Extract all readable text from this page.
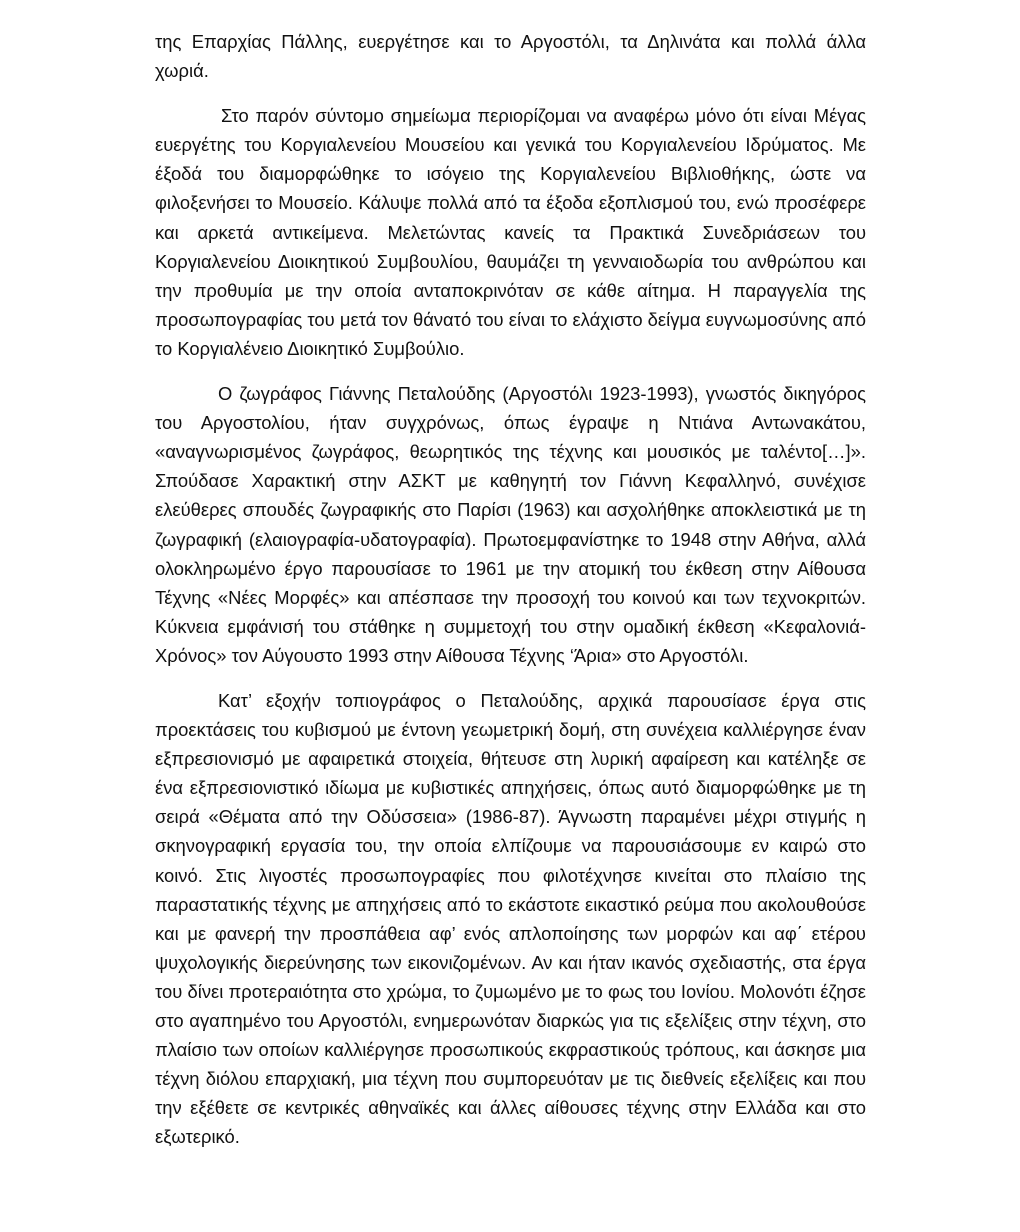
της Επαρχίας Πάλλης, ευεργέτησε και το Αργοστόλι, τα Δηλινάτα και πολλά άλλα χωριά.

Στο παρόν σύντομο σημείωμα περιορίζομαι να αναφέρω μόνο ότι είναι Μέγας ευεργέτης του Κοργιαλενείου Μουσείου και γενικά του Κοργιαλενείου Ιδρύματος. Με έξοδά του διαμορφώθηκε το ισόγειο της Κοργιαλενείου Βιβλιοθήκης, ώστε να φιλοξενήσει το Μουσείο. Κάλυψε πολλά από τα έξοδα εξοπλισμού του, ενώ προσέφερε και αρκετά αντικείμενα. Μελετώντας κανείς τα Πρακτικά Συνεδριάσεων του Κοργιαλενείου Διοικητικού Συμβουλίου, θαυμάζει τη γενναιοδωρία του ανθρώπου και την προθυμία με την οποία ανταποκρινόταν σε κάθε αίτημα. Η παραγγελία της προσωπογραφίας του μετά τον θάνατό του είναι το ελάχιστο δείγμα ευγνωμοσύνης από το Κοργιαλένειο Διοικητικό Συμβούλιο.

Ο ζωγράφος Γιάννης Πεταλούδης (Αργοστόλι 1923-1993), γνωστός δικηγόρος του Αργοστολίου, ήταν συγχρόνως, όπως έγραψε η Ντιάνα Αντωνακάτου, «αναγνωρισμένος ζωγράφος, θεωρητικός της τέχνης και μουσικός με ταλέντο[…]». Σπούδασε Χαρακτική στην ΑΣΚΤ με καθηγητή τον Γιάννη Κεφαλληνό, συνέχισε ελεύθερες σπουδές ζωγραφικής στο Παρίσι (1963) και ασχολήθηκε αποκλειστικά με τη ζωγραφική (ελαιογραφία-υδατογραφία). Πρωτοεμφανίστηκε το 1948 στην Αθήνα, αλλά ολοκληρωμένο έργο παρουσίασε το 1961 με την ατομική του έκθεση στην Αίθουσα Τέχνης «Νέες Μορφές» και απέσπασε την προσοχή του κοινού και των τεχνοκριτών. Κύκνεια εμφάνισή του στάθηκε η συμμετοχή του στην ομαδική έκθεση «Κεφαλονιά-Χρόνος» τον Αύγουστο 1993 στην Αίθουσα Τέχνης ‘Άρια» στο Αργοστόλι.

Κατ’ εξοχήν τοπιογράφος ο Πεταλούδης, αρχικά παρουσίασε έργα στις προεκτάσεις του κυβισμού με έντονη γεωμετρική δομή, στη συνέχεια καλλιέργησε έναν εξπρεσιονισμό με αφαιρετικά στοιχεία, θήτευσε στη λυρική αφαίρεση και κατέληξε σε ένα εξπρεσιονιστικό ιδίωμα με κυβιστικές απηχήσεις, όπως αυτό διαμορφώθηκε με τη σειρά «Θέματα από την Οδύσσεια» (1986-87). Άγνωστη παραμένει μέχρι στιγμής η σκηνογραφική εργασία του, την οποία ελπίζουμε να παρουσιάσουμε εν καιρώ στο κοινό. Στις λιγοστές προσωπογραφίες που φιλοτέχνησε κινείται στο πλαίσιο της παραστατικής τέχνης με απηχήσεις από το εκάστοτε εικαστικό ρεύμα που ακολουθούσε και με φανερή την προσπάθεια αφ’ ενός απλοποίησης των μορφών και αφ΄ ετέρου ψυχολογικής διερεύνησης των εικονιζομένων. Αν και ήταν ικανός σχεδιαστής, στα έργα του δίνει προτεραιότητα στο χρώμα, το ζυμωμένο με το φως του Ιονίου. Μολονότι έζησε στο αγαπημένο του Αργοστόλι, ενημερωνόταν διαρκώς για τις εξελίξεις στην τέχνη, στο πλαίσιο των οποίων καλλιέργησε προσωπικούς εκφραστικούς τρόπους, και άσκησε μια τέχνη διόλου επαρχιακή, μια τέχνη που συμπορευόταν με τις διεθνείς εξελίξεις και που την εξέθετε σε κεντρικές αθηναϊκές και άλλες αίθουσες τέχνης στην Ελλάδα και στο εξωτερικό.
